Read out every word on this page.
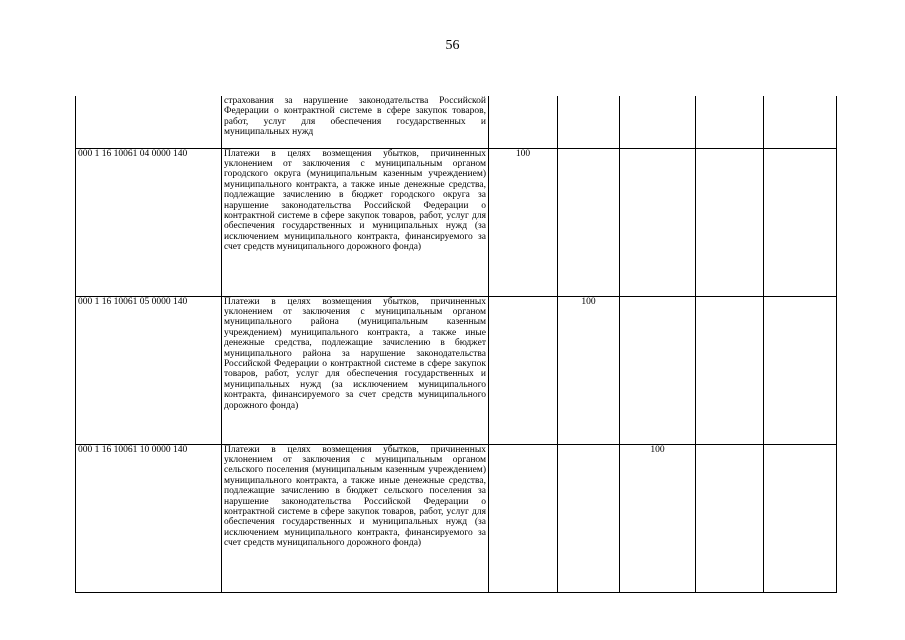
56
	страхования за нарушение законодательства Российской Федерации о контрактной системе в сфере закупок товаров, работ, услуг для обеспечения государственных и муниципальных нужд					
000 1 16 10061 04 0000 140	Платежи в целях возмещения убытков, причиненных уклонением от заключения с муниципальным органом городского округа (муниципальным казенным учреждением) муниципального контракта, а также иные денежные средства, подлежащие зачислению в бюджет городского округа за нарушение законодательства Российской Федерации о контрактной системе в сфере закупок товаров, работ, услуг для обеспечения государственных и муниципальных нужд (за исключением муниципального контракта, финансируемого за счет средств муниципального дорожного фонда)	100				
000 1 16 10061 05 0000 140	Платежи в целях возмещения убытков, причиненных уклонением от заключения с муниципальным органом муниципального района (муниципальным казенным учреждением) муниципального контракта, а также иные денежные средства, подлежащие зачислению в бюджет муниципального района за нарушение законодательства Российской Федерации о контрактной системе в сфере закупок товаров, работ, услуг для обеспечения государственных и муниципальных нужд (за исключением муниципального контракта, финансируемого за счет средств муниципального дорожного фонда)		100			
000 1 16 10061 10 0000 140	Платежи в целях возмещения убытков, причиненных уклонением от заключения с муниципальным органом сельского поселения (муниципальным казенным учреждением) муниципального контракта, а также иные денежные средства, подлежащие зачислению в бюджет сельского поселения за нарушение законодательства Российской Федерации о контрактной системе в сфере закупок товаров, работ, услуг для обеспечения государственных и муниципальных нужд (за исключением муниципального контракта, финансируемого за счет средств муниципального дорожного фонда)			100		
